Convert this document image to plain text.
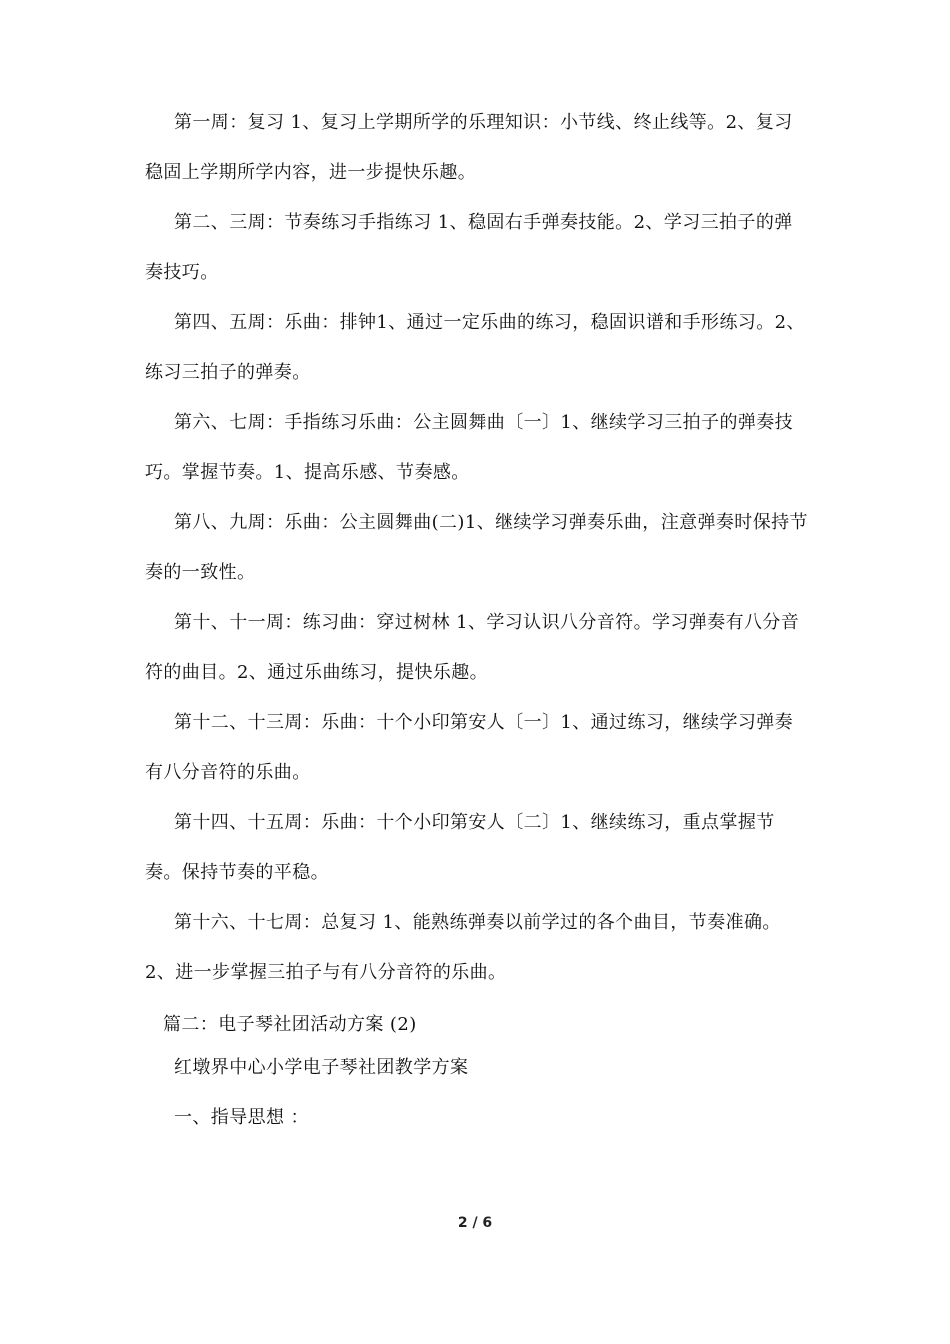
第一周：复习 1、复习上学期所学的乐理知识：小节线、终止线等。2、复习稳固上学期所学内容，进一步提快乐趣。

第二、三周：节奏练习手指练习 1、稳固右手弹奏技能。2、学习三拍子的弹奏技巧。

第四、五周：乐曲：排钟1、通过一定乐曲的练习，稳固识谱和手形练习。2、练习三拍子的弹奏。

第六、七周：手指练习乐曲：公主圆舞曲〔一〕1、继续学习三拍子的弹奏技巧。掌握节奏。1、提高乐感、节奏感。

第八、九周：乐曲：公主圆舞曲(二)1、继续学习弹奏乐曲，注意弹奏时保持节奏的一致性。

第十、十一周：练习曲：穿过树林 1、学习认识八分音符。学习弹奏有八分音符的曲目。2、通过乐曲练习，提快乐趣。

第十二、十三周：乐曲：十个小印第安人〔一〕1、通过练习，继续学习弹奏有八分音符的乐曲。

第十四、十五周：乐曲：十个小印第安人〔二〕1、继续练习，重点掌握节奏。保持节奏的平稳。

第十六、十七周：总复习 1、能熟练弹奏以前学过的各个曲目，节奏准确。2、进一步掌握三拍子与有八分音符的乐曲。

篇二：电子琴社团活动方案 (2)

红墩界中心小学电子琴社团教学方案

一、指导思想 ：

2 / 6
